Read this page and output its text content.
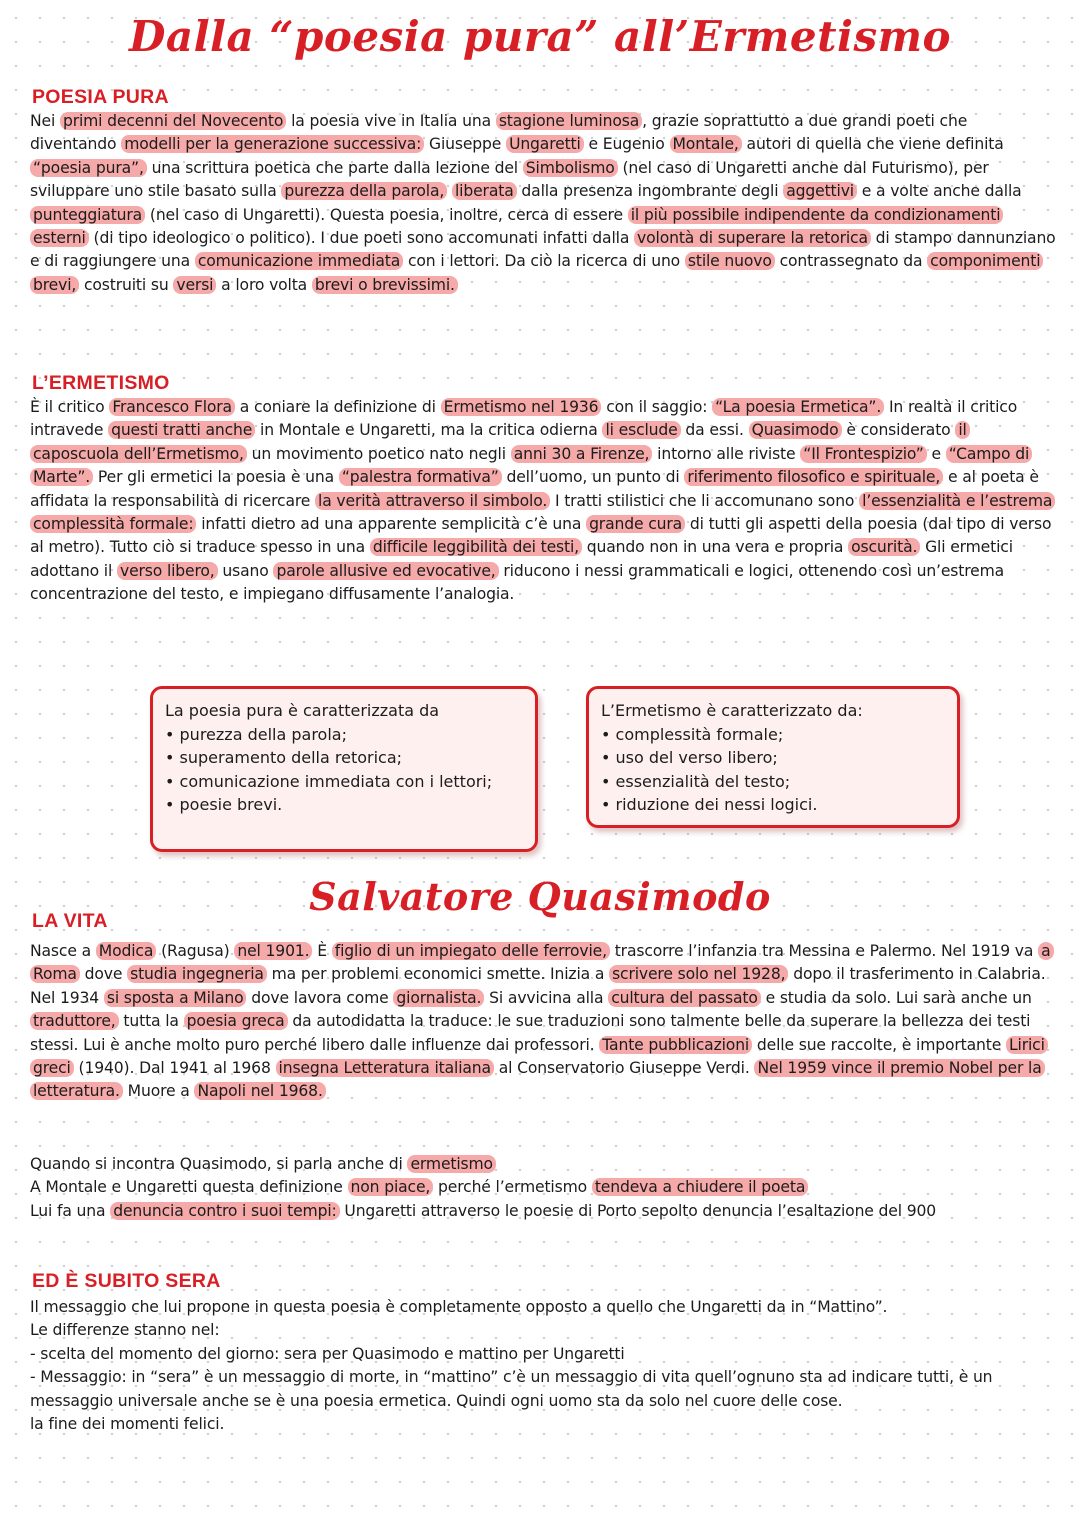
Dalla “poesia pura” all’Ermetismo
POESIA PURA
Nei primi decenni del Novecento la poesia vive in Italia una stagione luminosa , grazie soprattutto a due grandi poeti che diventando modelli per la generazione successiva: Giuseppe Ungaretti e Eugenio Montale, autori di quella che viene definita “poesia pura”, una scrittura poetica che parte dalla lezione del Simbolismo (nel caso di Ungaretti anche dal Futurismo), per sviluppare uno stile basato sulla purezza della parola, liberata dalla presenza ingombrante degli aggettivi e a volte anche dalla punteggiatura (nel caso di Ungaretti). Questa poesia, inoltre, cerca di essere il più possibile indipendente da condizionamenti esterni (di tipo ideologico o politico). I due poeti sono accomunati infatti dalla volontà di superare la retorica di stampo dannunziano e di raggiungere una comunicazione immediata con i lettori. Da ciò la ricerca di uno stile nuovo contrassegnato da componimenti brevi, costruiti su versi a loro volta brevi o brevissimi.
L’ERMETISMO
È il critico Francesco Flora a coniare la definizione di Ermetismo nel 1936 con il saggio: “La poesia Ermetica”. In realtà il critico intravede questi tratti anche in Montale e Ungaretti, ma la critica odierna li esclude da essi. Quasimodo è considerato il caposcuola dell’Ermetismo, un movimento poetico nato negli anni 30 a Firenze, intorno alle riviste “Il Frontespizio” e “Campo di Marte”. Per gli ermetici la poesia è una “palestra formativa” dell’uomo, un punto di riferimento filosofico e spirituale, e al poeta è affidata la responsabilità di ricercare la verità attraverso il simbolo. I tratti stilistici che li accomunano sono l’essenzialità e l’estrema complessità formale: infatti dietro ad una apparente semplicità c’è una grande cura di tutti gli aspetti della poesia (dal tipo di verso al metro). Tutto ciò si traduce spesso in una difficile leggibilità dei testi, quando non in una vera e propria oscurità. Gli ermetici adottano il verso libero, usano parole allusive ed evocative, riducono i nessi grammaticali e logici, ottenendo così un’estrema concentrazione del testo, e impiegano diffusamente l’analogia.
La poesia pura è caratterizzata da
• purezza della parola;
• superamento della retorica;
• comunicazione immediata con i lettori;
• poesie brevi.
L’Ermetismo è caratterizzato da:
• complessità formale;
• uso del verso libero;
• essenzialità del testo;
• riduzione dei nessi logici.
Salvatore Quasimodo
LA VITA
Nasce a Modica (Ragusa) nel 1901. È figlio di un impiegato delle ferrovie, trascorre l’infanzia tra Messina e Palermo. Nel 1919 va a Roma dove studia ingegneria ma per problemi economici smette. Inizia a scrivere solo nel 1928, dopo il trasferimento in Calabria. Nel 1934 si sposta a Milano dove lavora come giornalista. Si avvicina alla cultura del passato e studia da solo. Lui sarà anche un traduttore, tutta la poesia greca da autodidatta la traduce: le sue traduzioni sono talmente belle da superare la bellezza dei testi stessi. Lui è anche molto puro perché libero dalle influenze dai professori. Tante pubblicazioni delle sue raccolte, è importante Lirici greci (1940). Dal 1941 al 1968 insegna Letteratura italiana al Conservatorio Giuseppe Verdi. Nel 1959 vince il premio Nobel per la letteratura. Muore a Napoli nel 1968.
Quando si incontra Quasimodo, si parla anche di ermetismo
A Montale e Ungaretti questa definizione non piace, perché l’ermetismo tendeva a chiudere il poeta
Lui fa una denuncia contro i suoi tempi: Ungaretti attraverso le poesie di Porto sepolto denuncia l’esaltazione del 900
ED È SUBITO SERA
Il messaggio che lui propone in questa poesia è completamente opposto a quello che Ungaretti da in “Mattino”.
Le differenze stanno nel:
- scelta del momento del giorno: sera per Quasimodo e mattino per Ungaretti
- Messaggio: in “sera” è un messaggio di morte, in “mattino” c’è un messaggio di vita quell’ognuno sta ad indicare tutti, è un messaggio universale anche se è una poesia ermetica. Quindi ogni uomo sta da solo nel cuore delle cose.
la fine dei momenti felici.
